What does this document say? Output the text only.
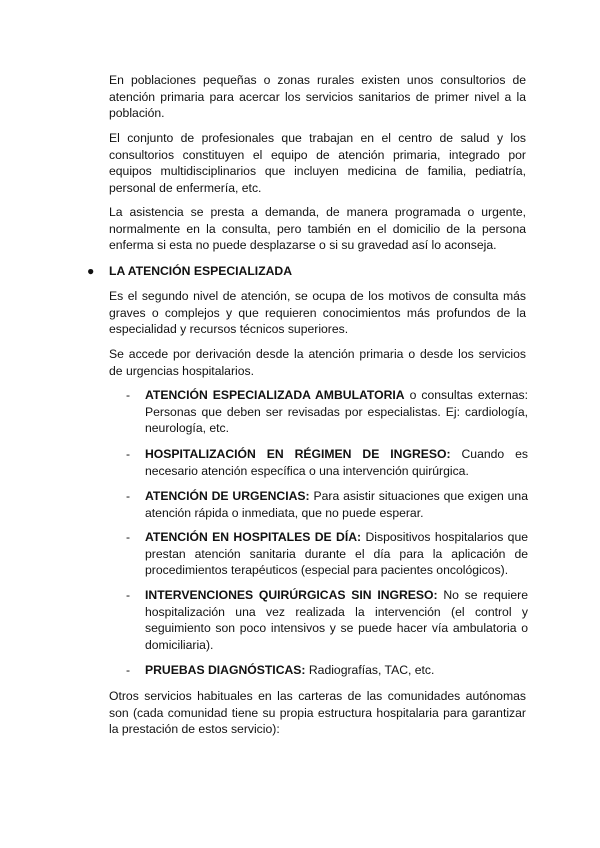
En poblaciones pequeñas o zonas rurales existen unos consultorios de atención primaria para acercar los servicios sanitarios de primer nivel a la población.

El conjunto de profesionales que trabajan en el centro de salud y los consultorios constituyen el equipo de atención primaria, integrado por equipos multidisciplinarios que incluyen medicina de familia, pediatría, personal de enfermería, etc.

La asistencia se presta a demanda, de manera programada o urgente, normalmente en la consulta, pero también en el domicilio de la persona enferma si esta no puede desplazarse o si su gravedad así lo aconseja.

● LA ATENCIÓN ESPECIALIZADA

Es el segundo nivel de atención, se ocupa de los motivos de consulta más graves o complejos y que requieren conocimientos más profundos de la especialidad y recursos técnicos superiores.

Se accede por derivación desde la atención primaria o desde los servicios de urgencias hospitalarios.

- ATENCIÓN ESPECIALIZADA AMBULATORIA o consultas externas: Personas que deben ser revisadas por especialistas. Ej: cardiología, neurología, etc.
- HOSPITALIZACIÓN EN RÉGIMEN DE INGRESO: Cuando es necesario atención específica o una intervención quirúrgica.
- ATENCIÓN DE URGENCIAS: Para asistir situaciones que exigen una atención rápida o inmediata, que no puede esperar.
- ATENCIÓN EN HOSPITALES DE DÍA: Dispositivos hospitalarios que prestan atención sanitaria durante el día para la aplicación de procedimientos terapéuticos (especial para pacientes oncológicos).
- INTERVENCIONES QUIRÚRGICAS SIN INGRESO: No se requiere hospitalización una vez realizada la intervención (el control y seguimiento son poco intensivos y se puede hacer vía ambulatoria o domiciliaria).
- PRUEBAS DIAGNÓSTICAS: Radiografías, TAC, etc.

Otros servicios habituales en las carteras de las comunidades autónomas son (cada comunidad tiene su propia estructura hospitalaria para garantizar la prestación de estos servicio):
